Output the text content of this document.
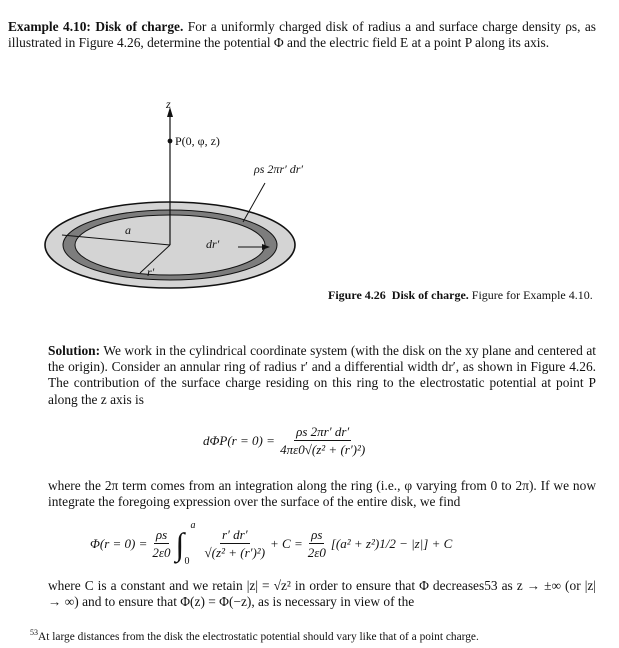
Example 4.10: Disk of charge. For a uniformly charged disk of radius a and surface charge density ρs, as illustrated in Figure 4.26, determine the potential Φ and the electric field E at a point P along its axis.
z
P(0, φ, z)
ρs 2πr′ dr′
a
dr′
r′
Figure 4.26 Disk of charge. Figure for Example 4.10.
Solution: We work in the cylindrical coordinate system (with the disk on the xy plane and centered at the origin). Consider an annular ring of radius r′ and a differential width dr′, as shown in Figure 4.26. The contribution of the surface charge residing on this ring to the electrostatic potential at point P along the z axis is
$d\Phi P(r = 0) = \frac{\rho s 2\pi r' dr'}{\text{4πε0√(z² + (r′)²)}}$
where the 2π term comes from an integration along the ring (i.e., φ varying from 0 to 2π). If we now integrate the foregoing expression over the surface of the entire disk, we find
$\Phi(r = 0) = \frac{\rho s}{2\varepsilon 0}$ ∫
a
$0 \frac{r' dr'}{\text{√(z² + (r′)²)}} + C = \frac{\rho s}{2\varepsilon 0} [(a^2 + z^2)1/2 - |z|] + C$
where C is a constant and we retain |z| = √z² in order to ensure that Φ decreases53 as z → ±∞ (or |z| → ∞) and to ensure that Φ(z) = Φ(−z), as is necessary in view of the
$^{53}$At large distances from the disk the electrostatic potential should vary like that of a point charge.
